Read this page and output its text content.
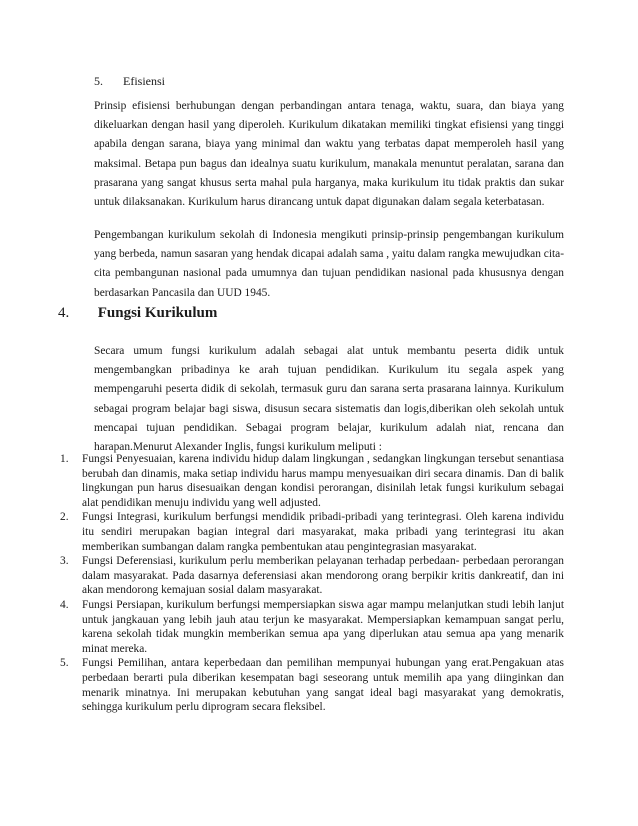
5. Efisiensi

Prinsip efisiensi berhubungan dengan perbandingan antara tenaga, waktu, suara, dan biaya yang dikeluarkan dengan hasil yang diperoleh. Kurikulum dikatakan memiliki tingkat efisiensi yang tinggi apabila dengan sarana, biaya yang minimal dan waktu yang terbatas dapat memperoleh hasil yang maksimal. Betapa pun bagus dan idealnya suatu kurikulum, manakala menuntut peralatan, sarana dan prasarana yang sangat khusus serta mahal pula harganya, maka kurikulum itu tidak praktis dan sukar untuk dilaksanakan. Kurikulum harus dirancang untuk dapat digunakan dalam segala keterbatasan.

Pengembangan kurikulum sekolah di Indonesia mengikuti prinsip-prinsip pengembangan kurikulum yang berbeda, namun sasaran yang hendak dicapai adalah sama , yaitu dalam rangka mewujudkan cita-cita pembangunan nasional pada umumnya dan tujuan pendidikan nasional pada khususnya dengan berdasarkan Pancasila dan UUD 1945.

4. Fungsi Kurikulum

Secara umum fungsi kurikulum adalah sebagai alat untuk membantu peserta didik untuk mengembangkan pribadinya ke arah tujuan pendidikan. Kurikulum itu segala aspek yang mempengaruhi peserta didik di sekolah, termasuk guru dan sarana serta prasarana lainnya. Kurikulum sebagai program belajar bagi siswa, disusun secara sistematis dan logis,diberikan oleh sekolah untuk mencapai tujuan pendidikan. Sebagai program belajar, kurikulum adalah niat, rencana dan harapan.Menurut Alexander Inglis, fungsi kurikulum meliputi :

1. Fungsi Penyesuaian, karena individu hidup dalam lingkungan , sedangkan lingkungan tersebut senantiasa berubah dan dinamis, maka setiap individu harus mampu menyesuaikan diri secara dinamis. Dan di balik lingkungan pun harus disesuaikan dengan kondisi perorangan, disinilah letak fungsi kurikulum sebagai alat pendidikan menuju individu yang well adjusted.
2. Fungsi Integrasi, kurikulum berfungsi mendidik pribadi-pribadi yang terintegrasi. Oleh karena individu itu sendiri merupakan bagian integral dari masyarakat, maka pribadi yang terintegrasi itu akan memberikan sumbangan dalam rangka pembentukan atau pengintegrasian masyarakat.
3. Fungsi Deferensiasi, kurikulum perlu memberikan pelayanan terhadap perbedaan- perbedaan perorangan dalam masyarakat. Pada dasarnya deferensiasi akan mendorong orang berpikir kritis dankreatif, dan ini akan mendorong kemajuan sosial dalam masyarakat.
4. Fungsi Persiapan, kurikulum berfungsi mempersiapkan siswa agar mampu melanjutkan studi lebih lanjut untuk jangkauan yang lebih jauh atau terjun ke masyarakat. Mempersiapkan kemampuan sangat perlu, karena sekolah tidak mungkin memberikan semua apa yang diperlukan atau semua apa yang menarik minat mereka.
5. Fungsi Pemilihan, antara keperbedaan dan pemilihan mempunyai hubungan yang erat.Pengakuan atas perbedaan berarti pula diberikan kesempatan bagi seseorang untuk memilih apa yang diinginkan dan menarik minatnya. Ini merupakan kebutuhan yang sangat ideal bagi masyarakat yang demokratis, sehingga kurikulum perlu diprogram secara fleksibel.
